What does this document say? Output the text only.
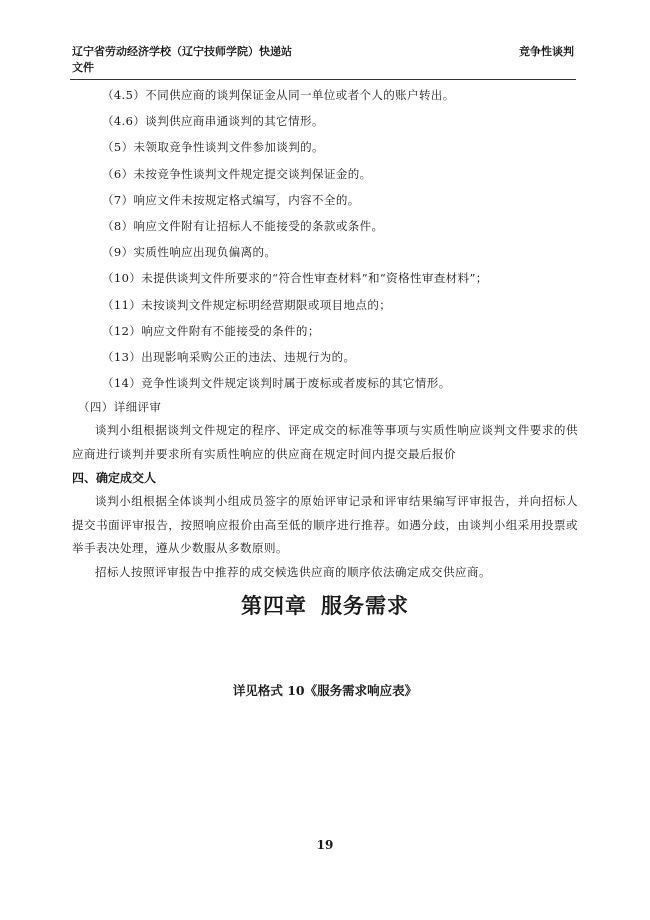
辽宁省劳动经济学校（辽宁技师学院）快递站
文件
竞争性谈判
（4.5）不同供应商的谈判保证金从同一单位或者个人的账户转出。
（4.6）谈判供应商串通谈判的其它情形。
（5）未领取竞争性谈判文件参加谈判的。
（6）未按竞争性谈判文件规定提交谈判保证金的。
（7）响应文件未按规定格式编写，内容不全的。
（8）响应文件附有让招标人不能接受的条款或条件。
（9）实质性响应出现负偏离的。
（10）未提供谈判文件所要求的“符合性审查材料”和“资格性审查材料”；
（11）未按谈判文件规定标明经营期限或项目地点的；
（12）响应文件附有不能接受的条件的；
（13）出现影响采购公正的违法、违规行为的。
（14）竞争性谈判文件规定谈判时属于废标或者废标的其它情形。
（四）详细评审
谈判小组根据谈判文件规定的程序、评定成交的标准等事项与实质性响应谈判文件要求的供应商进行谈判并要求所有实质性响应的供应商在规定时间内提交最后报价
四、确定成交人
谈判小组根据全体谈判小组成员签字的原始评审记录和评审结果编写评审报告，并向招标人提交书面评审报告，按照响应报价由高至低的顺序进行推荐。如遇分歧，由谈判小组采用投票或举手表决处理，遵从少数服从多数原则。
招标人按照评审报告中推荐的成交候选供应商的顺序依法确定成交供应商。
第四章 服务需求
详见格式 10《服务需求响应表》
19
